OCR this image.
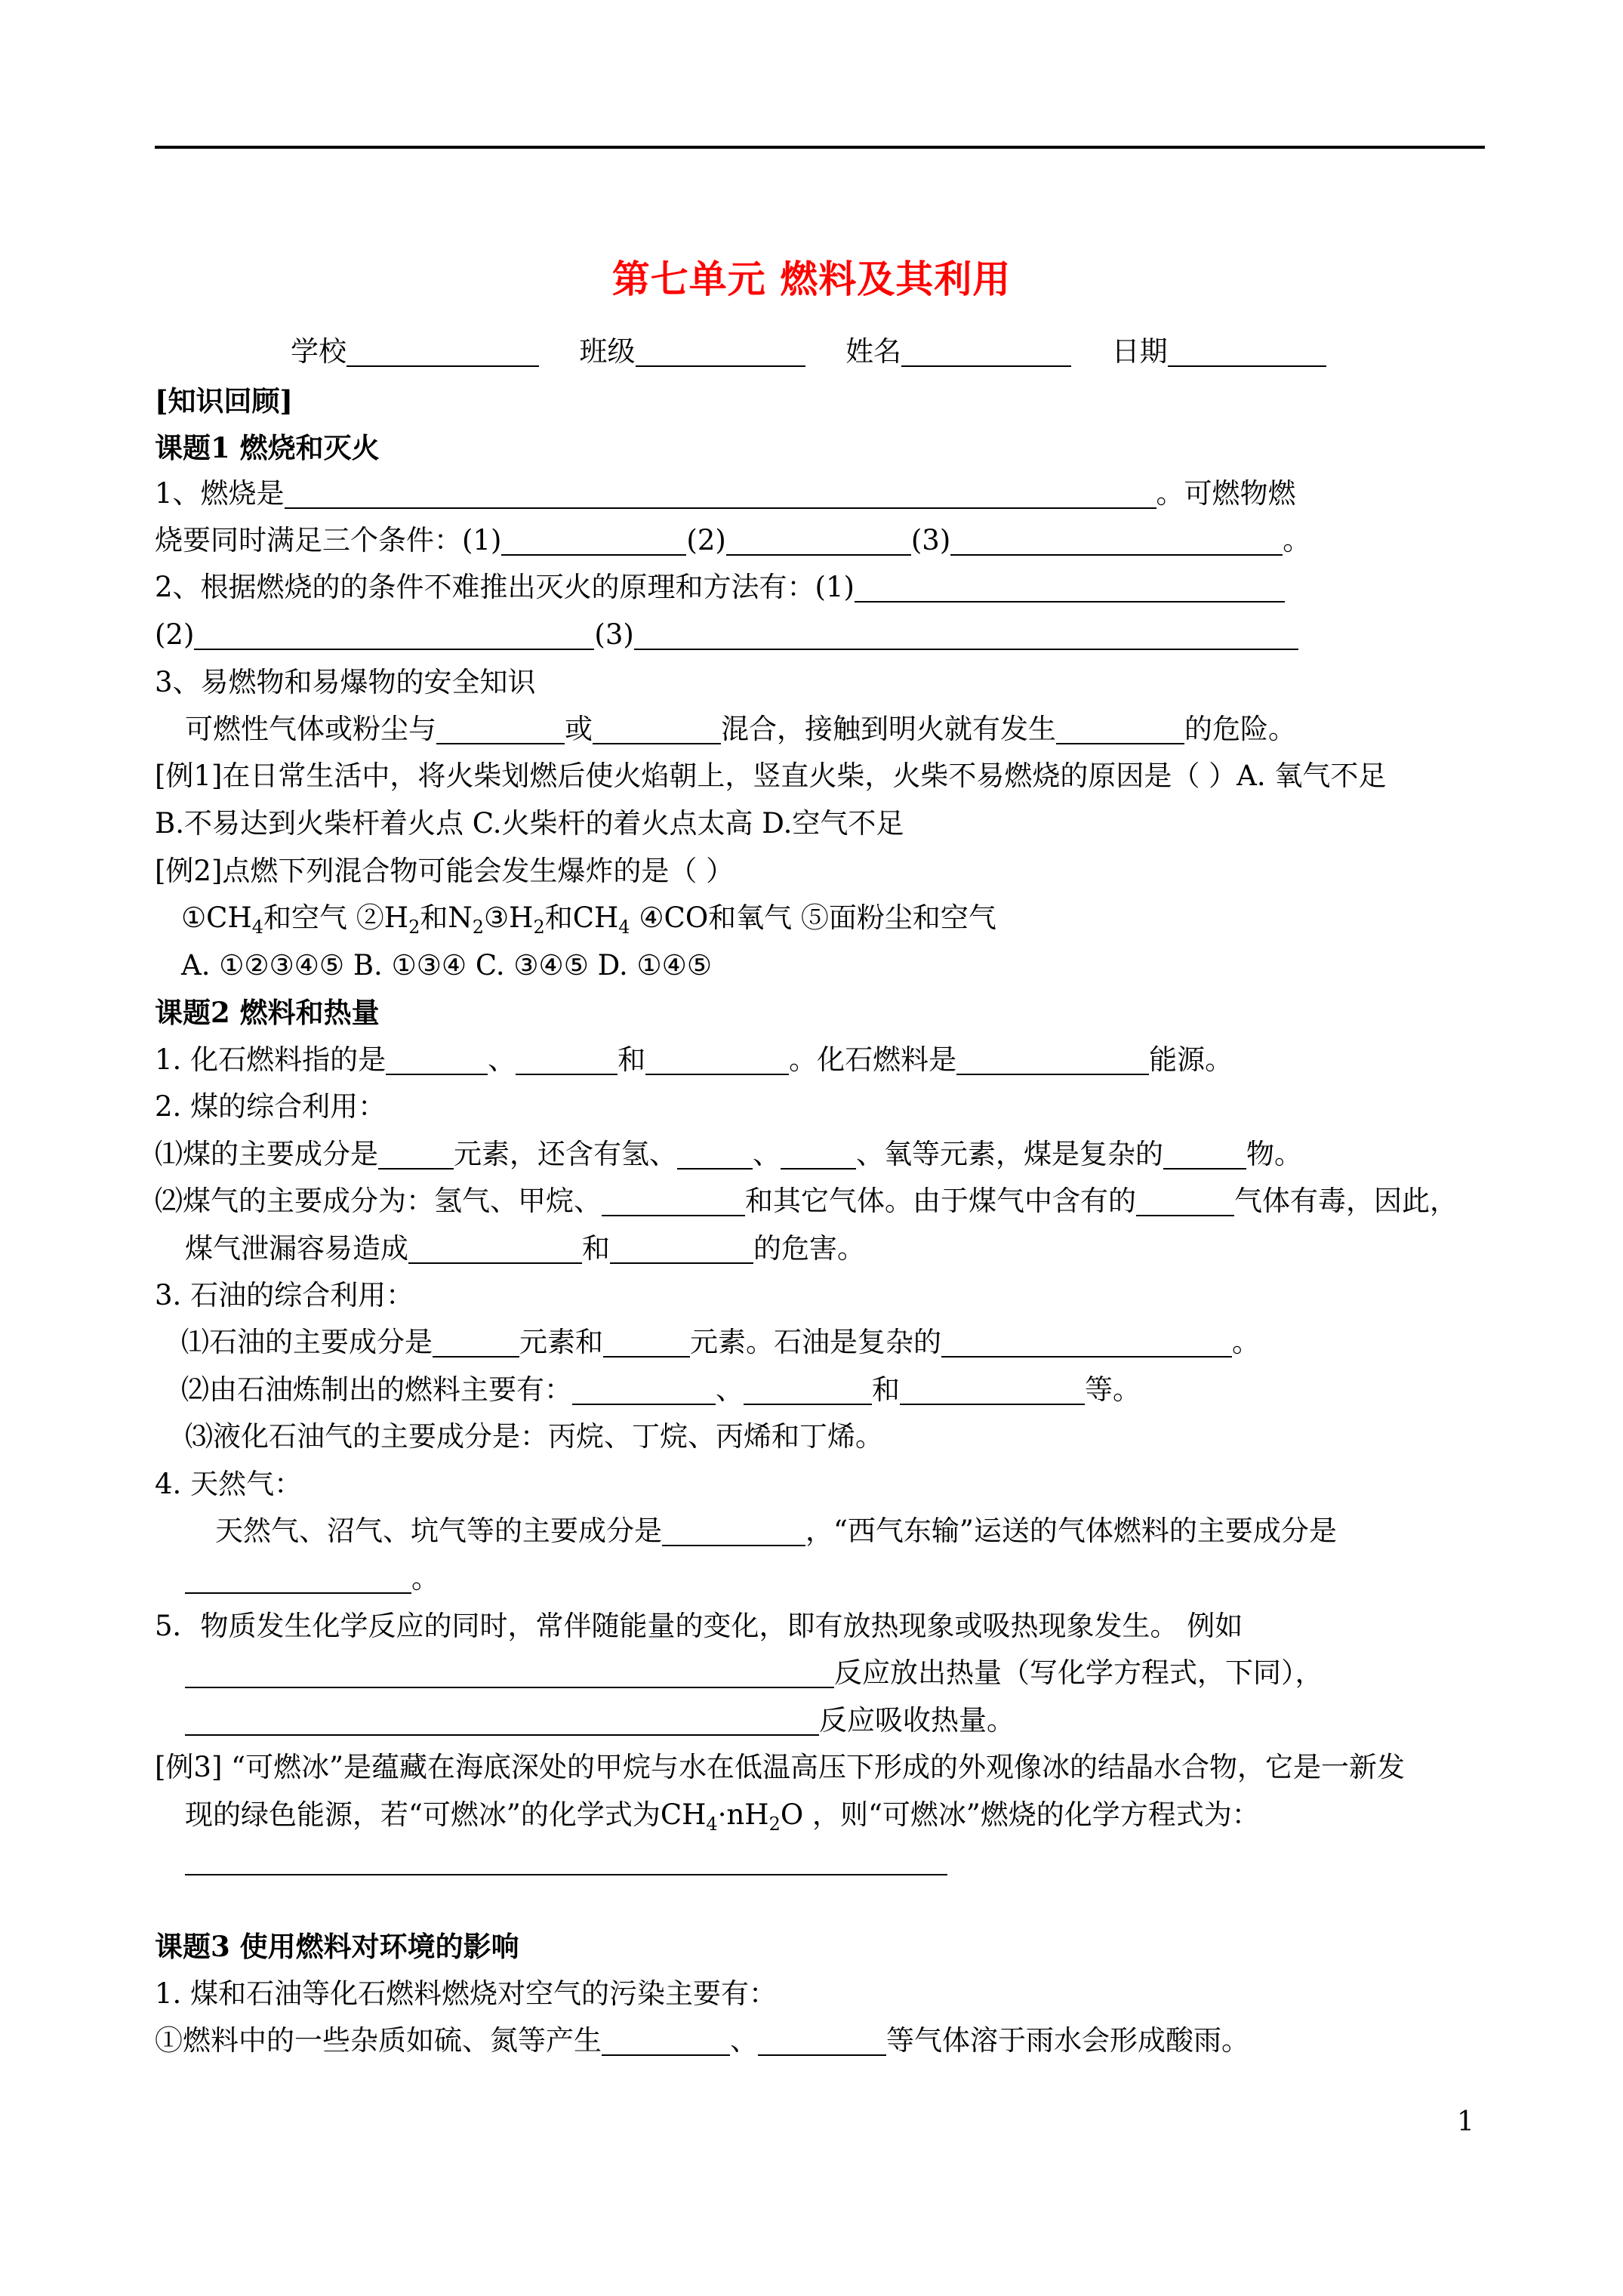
第七单元 燃料及其利用
学校	班级	姓名	日期
[知识回顾]
课题1 燃烧和灭火
1、燃烧是	。可燃物燃
烧要同时满足三个条件：(1)	(2)	(3)	。
2、根据燃烧的的条件不难推出灭火的原理和方法有：(1)
(2)	(3)
3、易燃物和易爆物的安全知识
可燃性气体或粉尘与	或	混合，接触到明火就有发生	的危险。
[例1]在日常生活中，将火柴划燃后使火焰朝上，竖直火柴，火柴不易燃烧的原因是（ ）A. 氧气不足
B.不易达到火柴杆着火点 C.火柴杆的着火点太高 D.空气不足
[例2]点燃下列混合物可能会发生爆炸的是（ ）
$①CH_4$和空气 $②H_2$和$N_2③H_2$和$CH_4$ ④CO和氧气 ⑤面粉尘和空气
A. ①②③④⑤ B. ①③④ C. ③④⑤ D. ①④⑤
课题2 燃料和热量
1. 化石燃料指的是	、	和	。化石燃料是	能源。
2. 煤的综合利用：
⑴煤的主要成分是	元素，还含有氢、	、	、氧等元素，煤是复杂的	物。
⑵煤气的主要成分为：氢气、甲烷、	和其它气体。由于煤气中含有的	气体有毒，因此，
煤气泄漏容易造成	和	的危害。
3. 石油的综合利用：
⑴石油的主要成分是	元素和	元素。石油是复杂的	。
⑵由石油炼制出的燃料主要有：	、	和	等。
⑶液化石油气的主要成分是：丙烷、丁烷、丙烯和丁烯。
4. 天然气：
天然气、沼气、坑气等的主要成分是	，“西气东输”运送的气体燃料的主要成分是
。
5．物质发生化学反应的同时，常伴随能量的变化，即有放热现象或吸热现象发生。 例如
反应放出热量（写化学方程式，下同），
反应吸收热量。
[例3] “可燃冰”是蕴藏在海底深处的甲烷与水在低温高压下形成的外观像冰的结晶水合物，它是一新发
现的绿色能源，若“可燃冰”的化学式为$CH_4\cdot nH_2O$ ，则“可燃冰”燃烧的化学方程式为：
课题3 使用燃料对环境的影响
1. 煤和石油等化石燃料燃烧对空气的污染主要有：
①燃料中的一些杂质如硫、氮等产生	、	等气体溶于雨水会形成酸雨。
1
